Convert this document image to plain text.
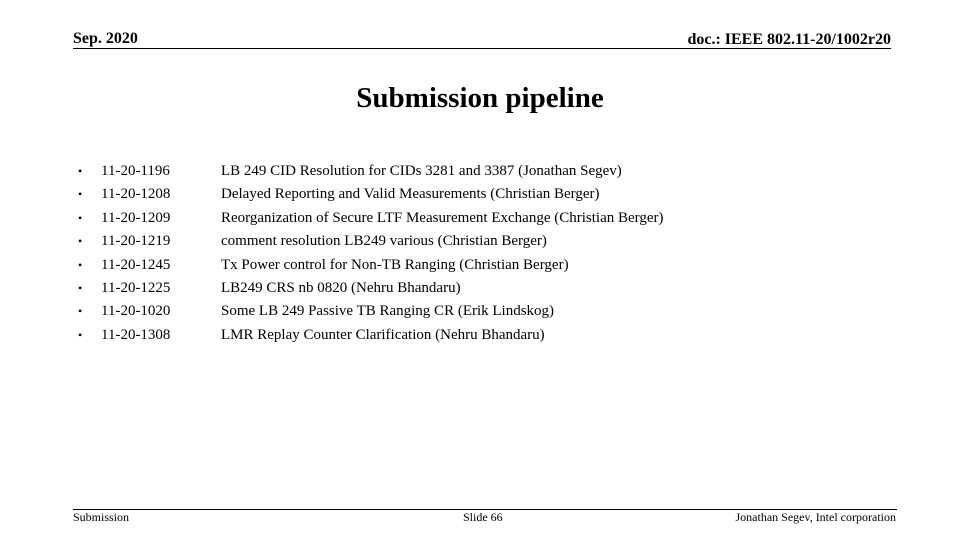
Sep. 2020	doc.: IEEE 802.11-20/1002r20
Submission pipeline
• 11-20-1196	LB 249 CID Resolution for CIDs 3281 and 3387 (Jonathan Segev)
• 11-20-1208	Delayed Reporting and Valid Measurements (Christian Berger)
• 11-20-1209	Reorganization of Secure LTF Measurement Exchange (Christian Berger)
• 11-20-1219	comment resolution LB249 various (Christian Berger)
• 11-20-1245	Tx Power control for Non-TB Ranging (Christian Berger)
• 11-20-1225	LB249 CRS nb 0820 (Nehru Bhandaru)
• 11-20-1020	Some LB 249 Passive TB Ranging CR (Erik Lindskog)
• 11-20-1308	LMR Replay Counter Clarification (Nehru Bhandaru)
Submission	Slide 66	Jonathan Segev, Intel corporation
